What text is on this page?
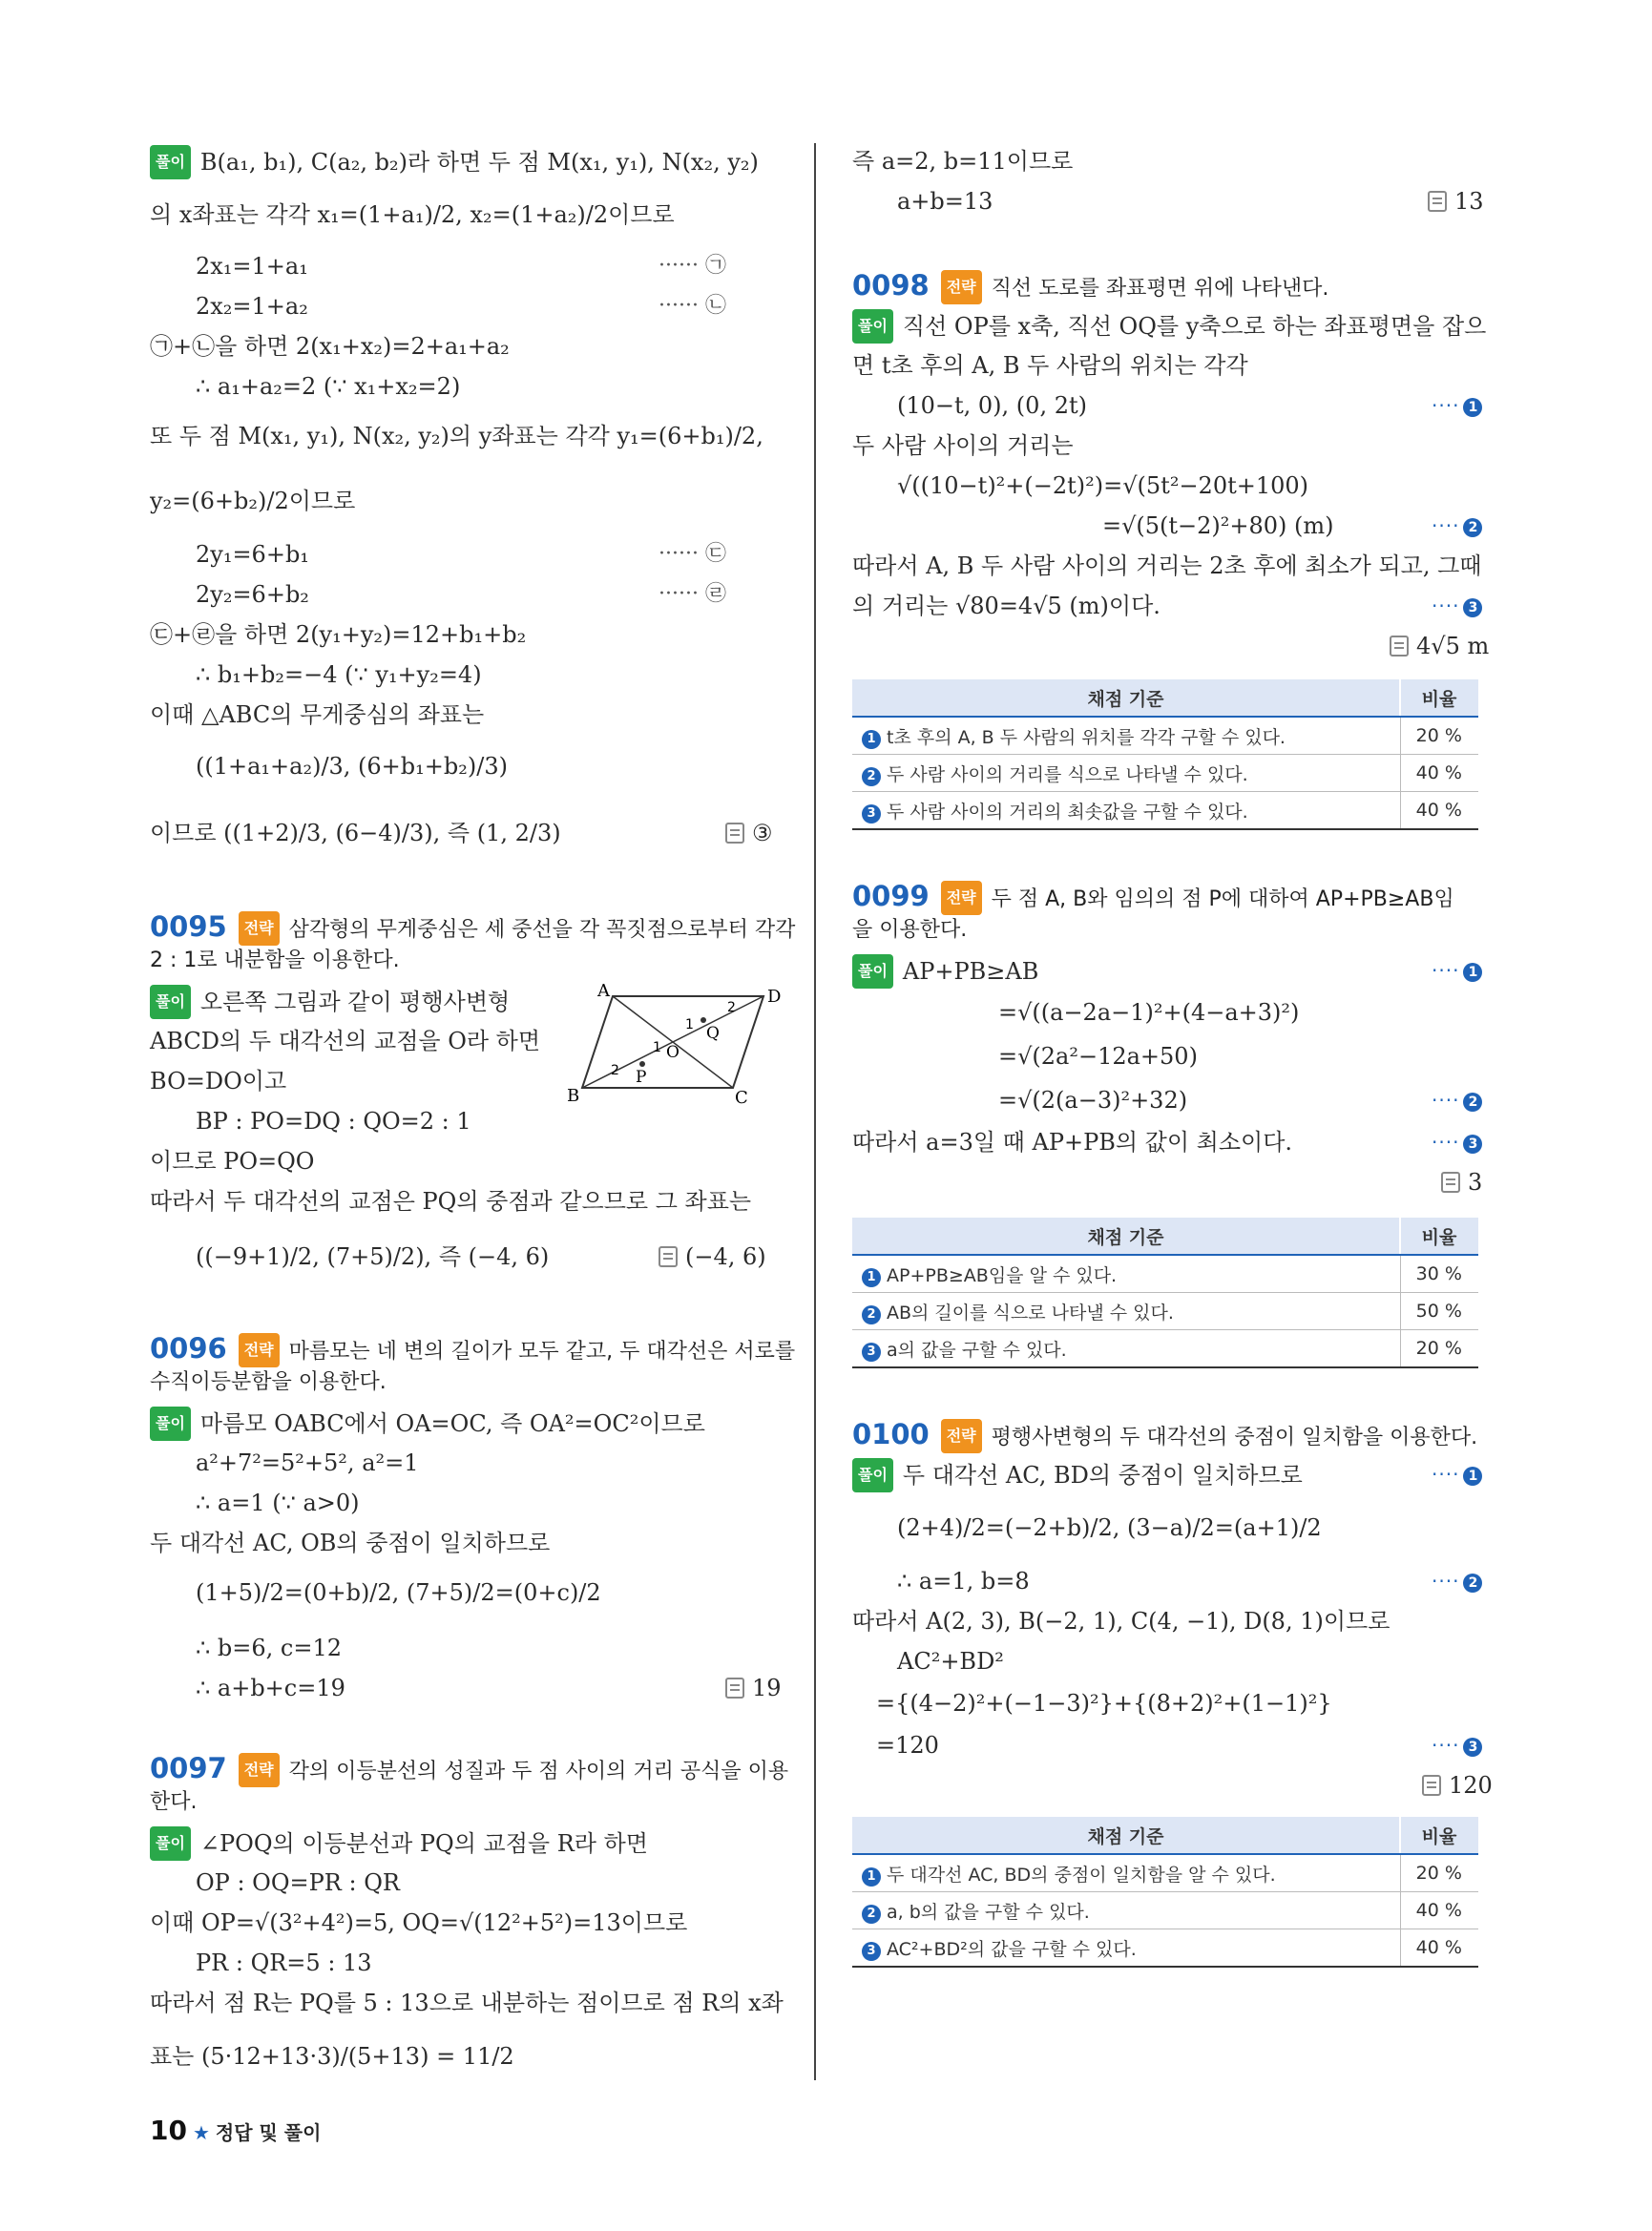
풀이 B(a₁, b₁), C(a₂, b₂)라 하면 두 점 M(x₁, y₁), N(x₂, y₂)
의 x좌표는 각각 x₁=(1+a₁)/2, x₂=(1+a₂)/2이므로
2x₁=1+a₁	······ ㉠
2x₂=1+a₂	······ ㉡
㉠+㉡을 하면 2(x₁+x₂)=2+a₁+a₂
∴ a₁+a₂=2 (∵ x₁+x₂=2)
또 두 점 M(x₁, y₁), N(x₂, y₂)의 y좌표는 각각 y₁=(6+b₁)/2,
y₂=(6+b₂)/2이므로
2y₁=6+b₁	······ ㉢
2y₂=6+b₂	······ ㉣
㉢+㉣을 하면 2(y₁+y₂)=12+b₁+b₂
∴ b₁+b₂=−4 (∵ y₁+y₂=4)
이때 △ABC의 무게중심의 좌표는
((1+a₁+a₂)/3, (6+b₁+b₂)/3)
이므로 ((1+2)/3, (6−4)/3), 즉 (1, 2/3)	③
0095 전략 삼각형의 무게중심은 세 중선을 각 꼭짓점으로부터 각각
2 : 1로 내분함을 이용한다.
풀이 오른쪽 그림과 같이 평행사변형
ABCD의 두 대각선의 교점을 O라 하면
BO=DO이고
BP : PO=DQ : QO=2 : 1
이므로 PO=QO
따라서 두 대각선의 교점은 PQ의 중점과 같으므로 그 좌표는
((−9+1)/2, (7+5)/2), 즉 (−4, 6)	(−4, 6)
A	D
B	C
O
P
Q
2
1
1
2
0096 전략 마름모는 네 변의 길이가 모두 같고, 두 대각선은 서로를
수직이등분함을 이용한다.
풀이 마름모 OABC에서 OA=OC, 즉 OA²=OC²이므로
a²+7²=5²+5², a²=1
∴ a=1 (∵ a>0)
두 대각선 AC, OB의 중점이 일치하므로
(1+5)/2=(0+b)/2, (7+5)/2=(0+c)/2
∴ b=6, c=12
∴ a+b+c=19	19
0097 전략 각의 이등분선의 성질과 두 점 사이의 거리 공식을 이용
한다.
풀이 ∠POQ의 이등분선과 PQ의 교점을 R라 하면
OP : OQ=PR : QR
이때 OP=√(3²+4²)=5, OQ=√(12²+5²)=13이므로
PR : QR=5 : 13
따라서 점 R는 PQ를 5 : 13으로 내분하는 점이므로 점 R의 x좌
표는 (5·12+13·3)/(5+13) = 11/2
즉 a=2, b=11이므로
a+b=13	13
0098 전략 직선 도로를 좌표평면 위에 나타낸다.
풀이 직선 OP를 x축, 직선 OQ를 y축으로 하는 좌표평면을 잡으
면 t초 후의 A, B 두 사람의 위치는 각각
(10−t, 0), (0, 2t)	···· 1
두 사람 사이의 거리는
√((10−t)²+(−2t)²)=√(5t²−20t+100)
=√(5(t−2)²+80) (m)	···· 2
따라서 A, B 두 사람 사이의 거리는 2초 후에 최소가 되고, 그때
의 거리는 √80=4√5 (m)이다.	···· 3
4√5 m
채점 기준	비율
1 t초 후의 A, B 두 사람의 위치를 각각 구할 수 있다.	20 %
2 두 사람 사이의 거리를 식으로 나타낼 수 있다.	40 %
3 두 사람 사이의 거리의 최솟값을 구할 수 있다.	40 %
0099 전략 두 점 A, B와 임의의 점 P에 대하여 AP+PB≥AB임
을 이용한다.
풀이 AP+PB≥AB	···· 1
=√((a−2a−1)²+(4−a+3)²)
=√(2a²−12a+50)
=√(2(a−3)²+32)	···· 2
따라서 a=3일 때 AP+PB의 값이 최소이다.	···· 3
3
채점 기준	비율
1 AP+PB≥AB임을 알 수 있다.	30 %
2 AB의 길이를 식으로 나타낼 수 있다.	50 %
3 a의 값을 구할 수 있다.	20 %
0100 전략 평행사변형의 두 대각선의 중점이 일치함을 이용한다.
풀이 두 대각선 AC, BD의 중점이 일치하므로	···· 1
(2+4)/2=(−2+b)/2, (3−a)/2=(a+1)/2
∴ a=1, b=8	···· 2
따라서 A(2, 3), B(−2, 1), C(4, −1), D(8, 1)이므로
AC²+BD²
={(4−2)²+(−1−3)²}+{(8+2)²+(1−1)²}
=120	···· 3
120
채점 기준	비율
1 두 대각선 AC, BD의 중점이 일치함을 알 수 있다.	20 %
2 a, b의 값을 구할 수 있다.	40 %
3 AC²+BD²의 값을 구할 수 있다.	40 %
10 ★ 정답 및 풀이
